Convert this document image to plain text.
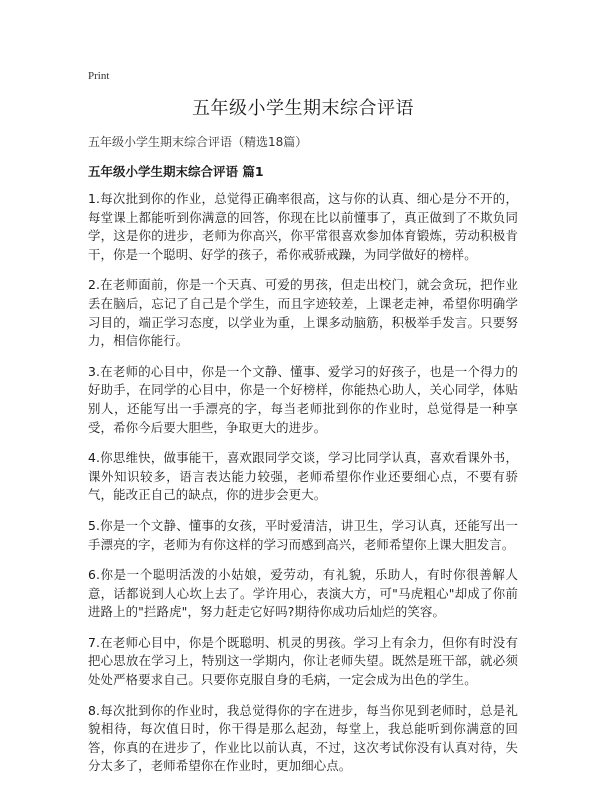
Print
五年级小学生期末综合评语
五年级小学生期末综合评语（精选18篇）
五年级小学生期末综合评语 篇1

1.每次批到你的作业，总觉得正确率很高，这与你的认真、细心是分不开的，每堂课上都能听到你满意的回答，你现在比以前懂事了，真正做到了不欺负同学，这是你的进步，老师为你高兴，你平常很喜欢参加体育锻炼，劳动积极肯干，你是一个聪明、好学的孩子，希你戒骄戒躁，为同学做好的榜样。

2.在老师面前，你是一个天真、可爱的男孩，但走出校门，就会贪玩，把作业丢在脑后，忘记了自己是个学生，而且字迹较差，上课老走神，希望你明确学习目的，端正学习态度，以学业为重，上课多动脑筋，积极举手发言。只要努力，相信你能行。

3.在老师的心目中，你是一个文静、懂事、爱学习的好孩子，也是一个得力的好助手，在同学的心目中，你是一个好榜样，你能热心助人，关心同学，体贴别人，还能写出一手漂亮的字，每当老师批到你的作业时，总觉得是一种享受，希你今后要大胆些，争取更大的进步。

4.你思维快，做事能干，喜欢跟同学交谈，学习比同学认真，喜欢看课外书，课外知识较多，语言表达能力较强，老师希望你作业还要细心点，不要有骄气，能改正自己的缺点，你的进步会更大。

5.你是一个文静、懂事的女孩，平时爱清洁，讲卫生，学习认真，还能写出一手漂亮的字，老师为有你这样的学习而感到高兴，老师希望你上课大胆发言。

6.你是一个聪明活泼的小姑娘，爱劳动，有礼貌，乐助人，有时你很善解人意，话都说到人心坎上去了。学许用心，表演大方，可"马虎粗心"却成了你前进路上的"拦路虎"，努力赶走它好吗?期待你成功后灿烂的笑容。

7.在老师心目中，你是个既聪明、机灵的男孩。学习上有余力，但你有时没有把心思放在学习上，特别这一学期内，你让老师失望。既然是班干部，就必须处处严格要求自己。只要你克服自身的毛病，一定会成为出色的学生。

8.每次批到你的作业时，我总觉得你的字在进步，每当你见到老师时，总是礼貌相待，每次值日时，你干得是那么起劲，每堂上，我总能听到你满意的回答，你真的在进步了，作业比以前认真，不过，这次考试你没有认真对待，失分太多了，老师希望你在作业时，更加细心点。
